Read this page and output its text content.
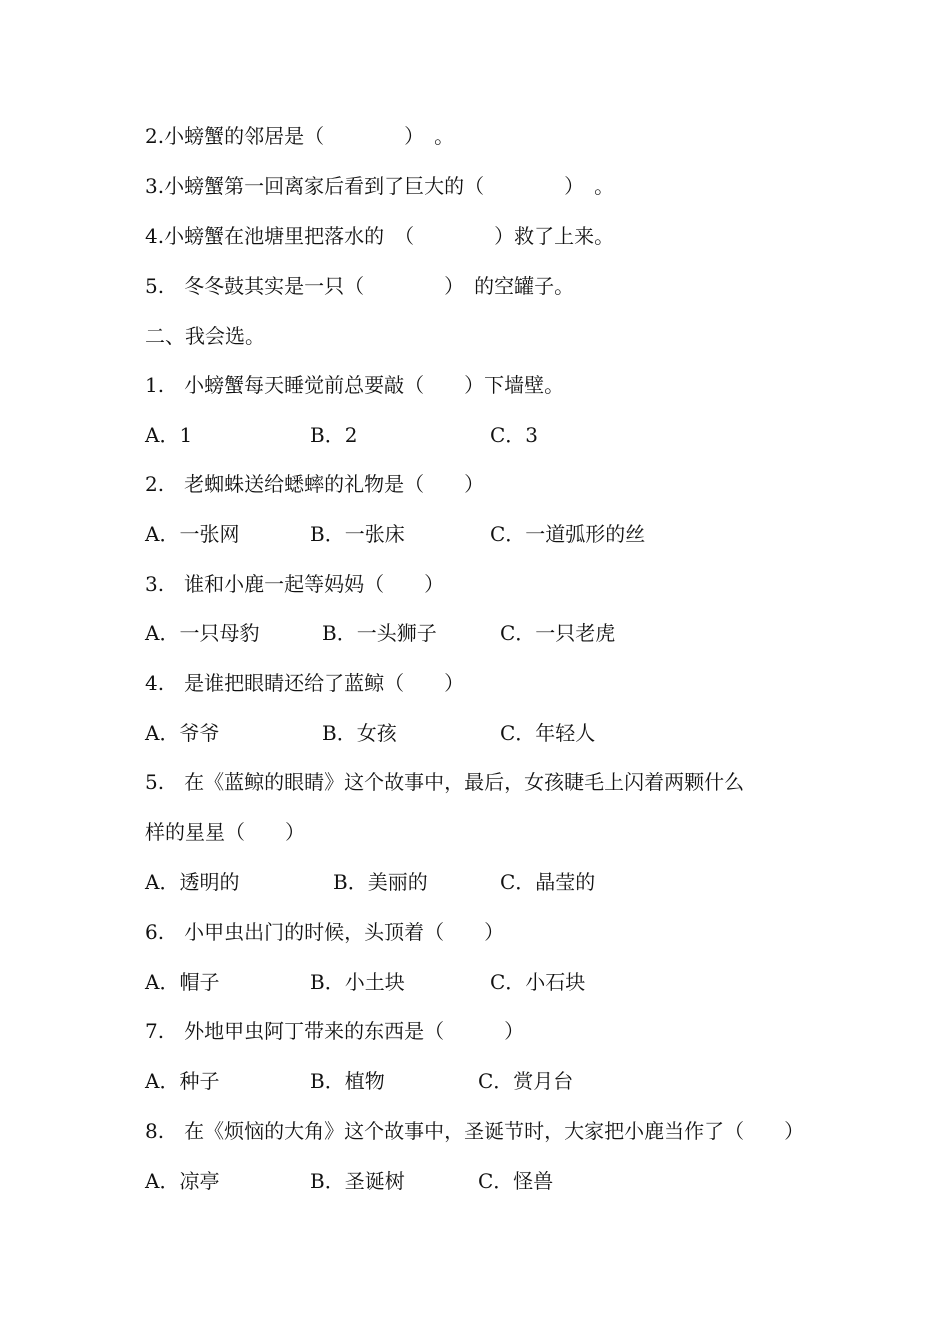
2.小螃蟹的邻居是（　　　　）　。

3.小螃蟹第一回离家后看到了巨大的（　　　　）　。

4.小螃蟹在池塘里把落水的　（　　　　）救了上来。

5.　冬冬鼓其实是一只（　　　　）　的空罐子。

二、我会选。

1.　小螃蟹每天睡觉前总要敲（　　）下墙壁。

A．1	B．2	C．3

2.　老蜘蛛送给蟋蟀的礼物是（　　）

A．一张网	B．一张床	C．一道弧形的丝

3.　谁和小鹿一起等妈妈（　　）

A．一只母豹	B．一头狮子	C．一只老虎

4.　是谁把眼睛还给了蓝鲸（　　）

A．爷爷	B．女孩	C．年轻人

5.　在《蓝鲸的眼睛》这个故事中，最后，女孩睫毛上闪着两颗什么

样的星星（　　）

A．透明的	B．美丽的	C．晶莹的

6.　小甲虫出门的时候，头顶着（　　）

A．帽子	B．小土块	C．小石块

7.　外地甲虫阿丁带来的东西是（　　　）

A．种子	B．植物	C．赏月台

8.　在《烦恼的大角》这个故事中，圣诞节时，大家把小鹿当作了（　　）

A．凉亭	B．圣诞树	C．怪兽
